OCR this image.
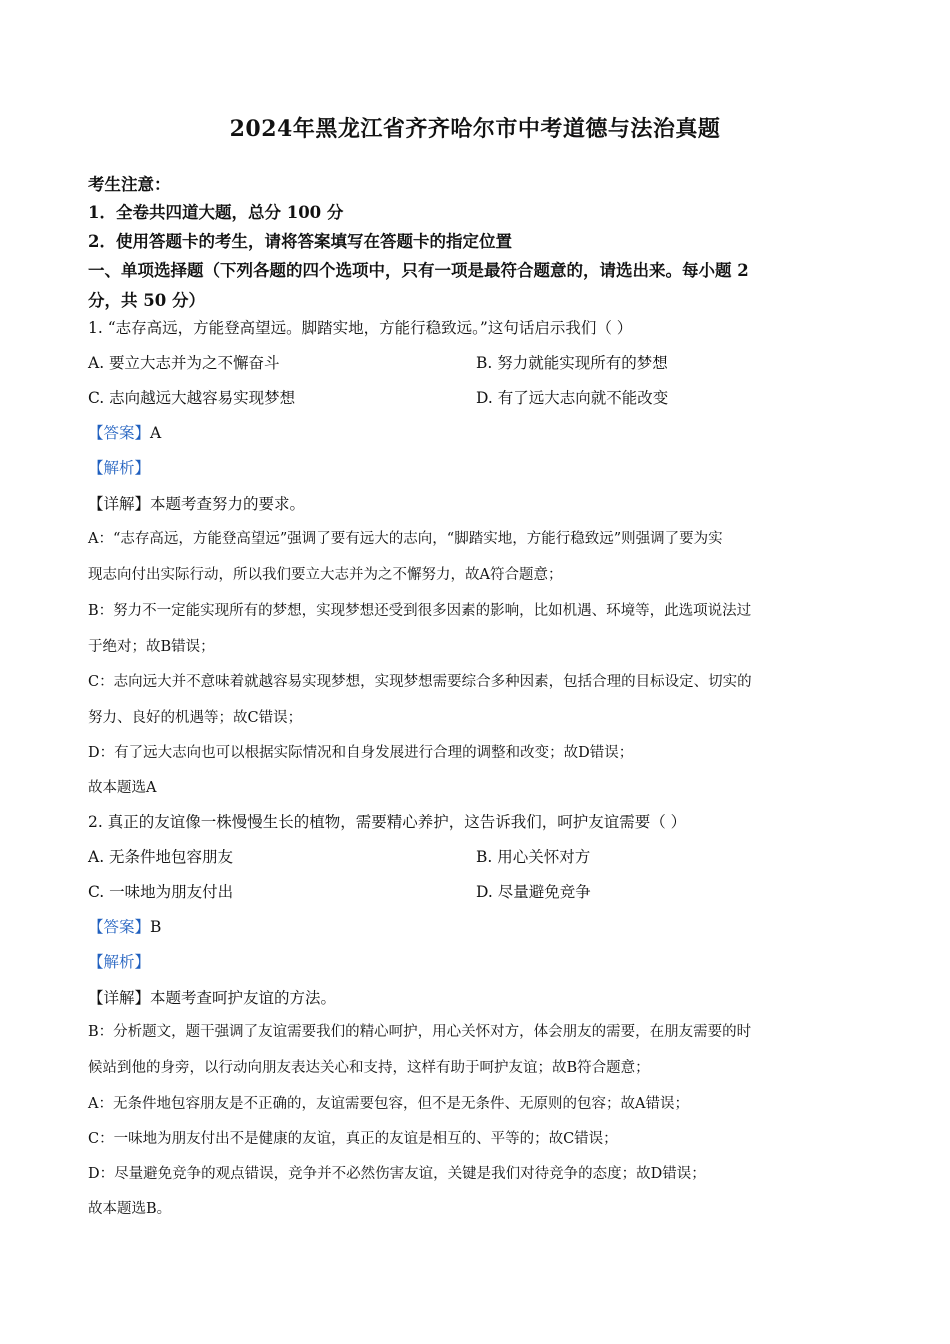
2024年黑龙江省齐齐哈尔市中考道德与法治真题
考生注意：
1．全卷共四道大题，总分 100 分
2．使用答题卡的考生，请将答案填写在答题卡的指定位置
一、单项选择题（下列各题的四个选项中，只有一项是最符合题意的，请选出来。每小题 2
分，共 50 分）
1. “志存高远，方能登高望远。脚踏实地，方能行稳致远。”这句话启示我们（ ）
A. 要立大志并为之不懈奋斗	B. 努力就能实现所有的梦想
C. 志向越远大越容易实现梦想	D. 有了远大志向就不能改变
【答案】A
【解析】
【详解】本题考查努力的要求。
A：“志存高远，方能登高望远”强调了要有远大的志向，“脚踏实地，方能行稳致远”则强调了要为实
现志向付出实际行动，所以我们要立大志并为之不懈努力，故A符合题意；
B：努力不一定能实现所有的梦想，实现梦想还受到很多因素的影响，比如机遇、环境等，此选项说法过
于绝对；故B错误；
C：志向远大并不意味着就越容易实现梦想，实现梦想需要综合多种因素，包括合理的目标设定、切实的
努力、良好的机遇等；故C错误；
D：有了远大志向也可以根据实际情况和自身发展进行合理的调整和改变；故D错误；
故本题选A
2. 真正的友谊像一株慢慢生长的植物，需要精心养护，这告诉我们，呵护友谊需要（ ）
A. 无条件地包容朋友	B. 用心关怀对方
C. 一味地为朋友付出	D. 尽量避免竞争
【答案】B
【解析】
【详解】本题考查呵护友谊的方法。
B：分析题文，题干强调了友谊需要我们的精心呵护，用心关怀对方，体会朋友的需要，在朋友需要的时
候站到他的身旁，以行动向朋友表达关心和支持，这样有助于呵护友谊；故B符合题意；
A：无条件地包容朋友是不正确的，友谊需要包容，但不是无条件、无原则的包容；故A错误；
C：一味地为朋友付出不是健康的友谊，真正的友谊是相互的、平等的；故C错误；
D：尽量避免竞争的观点错误，竞争并不必然伤害友谊，关键是我们对待竞争的态度；故D错误；
故本题选B。
